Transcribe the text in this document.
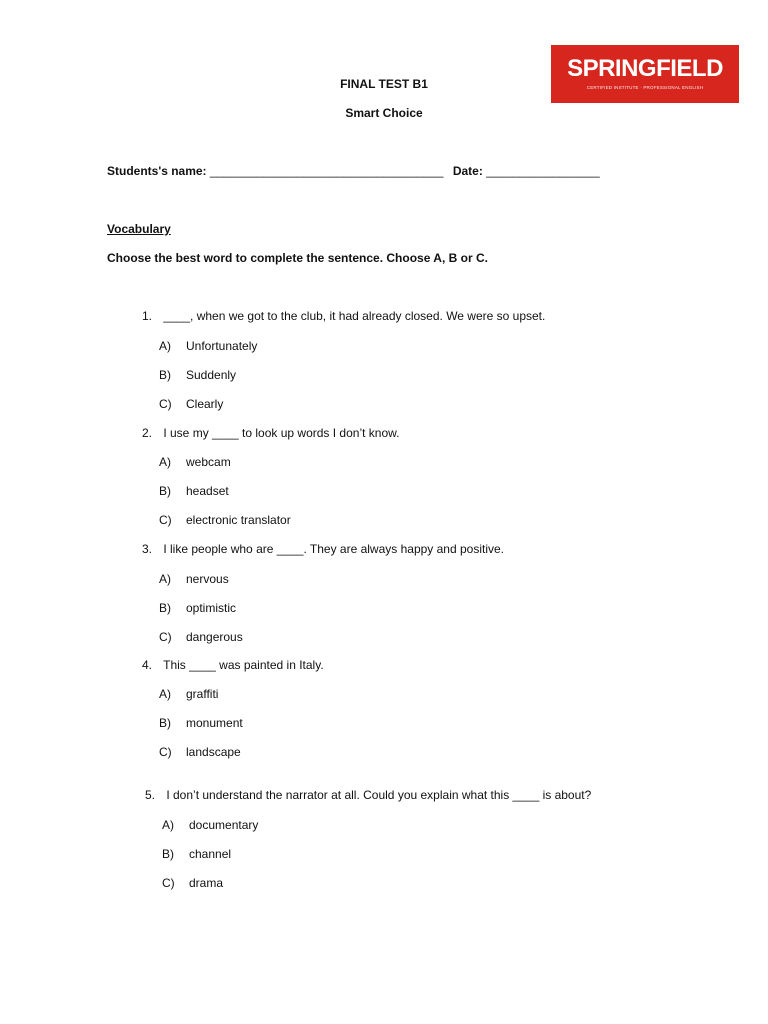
SPRINGFIELD
CERTIFIED INSTITUTE · PROFESSIONAL ENGLISH
FINAL TEST B1
Smart Choice
Students's name: ___________________________________ Date: _________________
Vocabulary
Choose the best word to complete the sentence. Choose A, B or C.
1. ____, when we got to the club, it had already closed. We were so upset.
A) Unfortunately
B) Suddenly
C) Clearly
2. I use my ____ to look up words I don’t know.
A) webcam
B) headset
C) electronic translator
3. I like people who are ____. They are always happy and positive.
A) nervous
B) optimistic
C) dangerous
4. This ____ was painted in Italy.
A) graffiti
B) monument
C) landscape
5. I don’t understand the narrator at all. Could you explain what this ____ is about?
A) documentary
B) channel
C) drama
